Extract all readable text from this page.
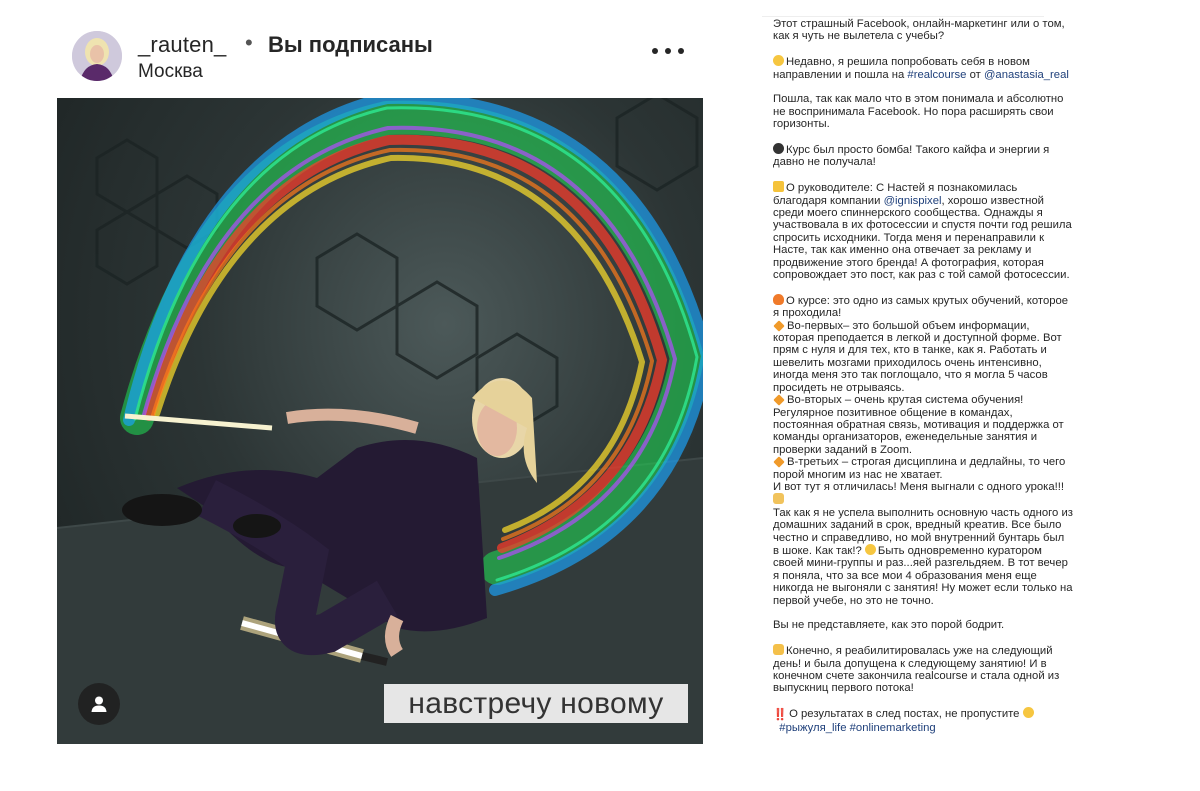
_rauten_ • Вы подписаны
Москва
навстречу новому

Этот страшный Facebook, онлайн-маркетинг или о том, как я чуть не вылетела с учебы?

Недавно, я решила попробовать себя в новом направлении и пошла на #realcourse от @anastasia_real

Пошла, так как мало что в этом понимала и абсолютно не воспринимала Facebook. Но пора расширять свои горизонты.

Курс был просто бомба! Такого кайфа и энергии я давно не получала!

О руководителе: С Настей я познакомилась благодаря компании @ignispixel, хорошо известной среди моего спиннерского сообщества. Однажды я участвовала в их фотосессии и спустя почти год решила спросить исходники. Тогда меня и перенаправили к Насте, так как именно она отвечает за рекламу и продвижение этого бренда! А фотография, которая сопровождает это пост, как раз с той самой фотосессии.

О курсе: это одно из самых крутых обучений, которое я проходила!
Во-первых– это большой объем информации, которая преподается в легкой и доступной форме. Вот прям с нуля и для тех, кто в танке, как я. Работать и шевелить мозгами приходилось очень интенсивно, иногда меня это так поглощало, что я могла 5 часов просидеть не отрываясь.
Во-вторых – очень крутая система обучения! Регулярное позитивное общение в командах, постоянная обратная связь, мотивация и поддержка от команды организаторов, еженедельные занятия и проверки заданий в Zoom.
В-третьих – строгая дисциплина и дедлайны, то чего порой многим из нас не хватает.
И вот тут я отличилась! Меня выгнали с одного урока!!!

Так как я не успела выполнить основную часть одного из домашних заданий в срок, вредный креатив. Все было честно и справедливо, но мой внутренний бунтарь был в шоке. Как так!? Быть одновременно куратором своей мини-группы и раз...яей разгельдяем. В тот вечер я поняла, что за все мои 4 образования меня еще никогда не выгоняли с занятия! Ну может если только на первой учебе, но это не точно.

Вы не представляете, как это порой бодрит.

Конечно, я реабилитировалась уже на следующий день! и была допущена к следующему занятию! И в конечном счете закончила realcourse и стала одной из выпускниц первого потока!

‼️ О результатах в след постах, не пропустите
#рыжуля_life #onlinemarketing
